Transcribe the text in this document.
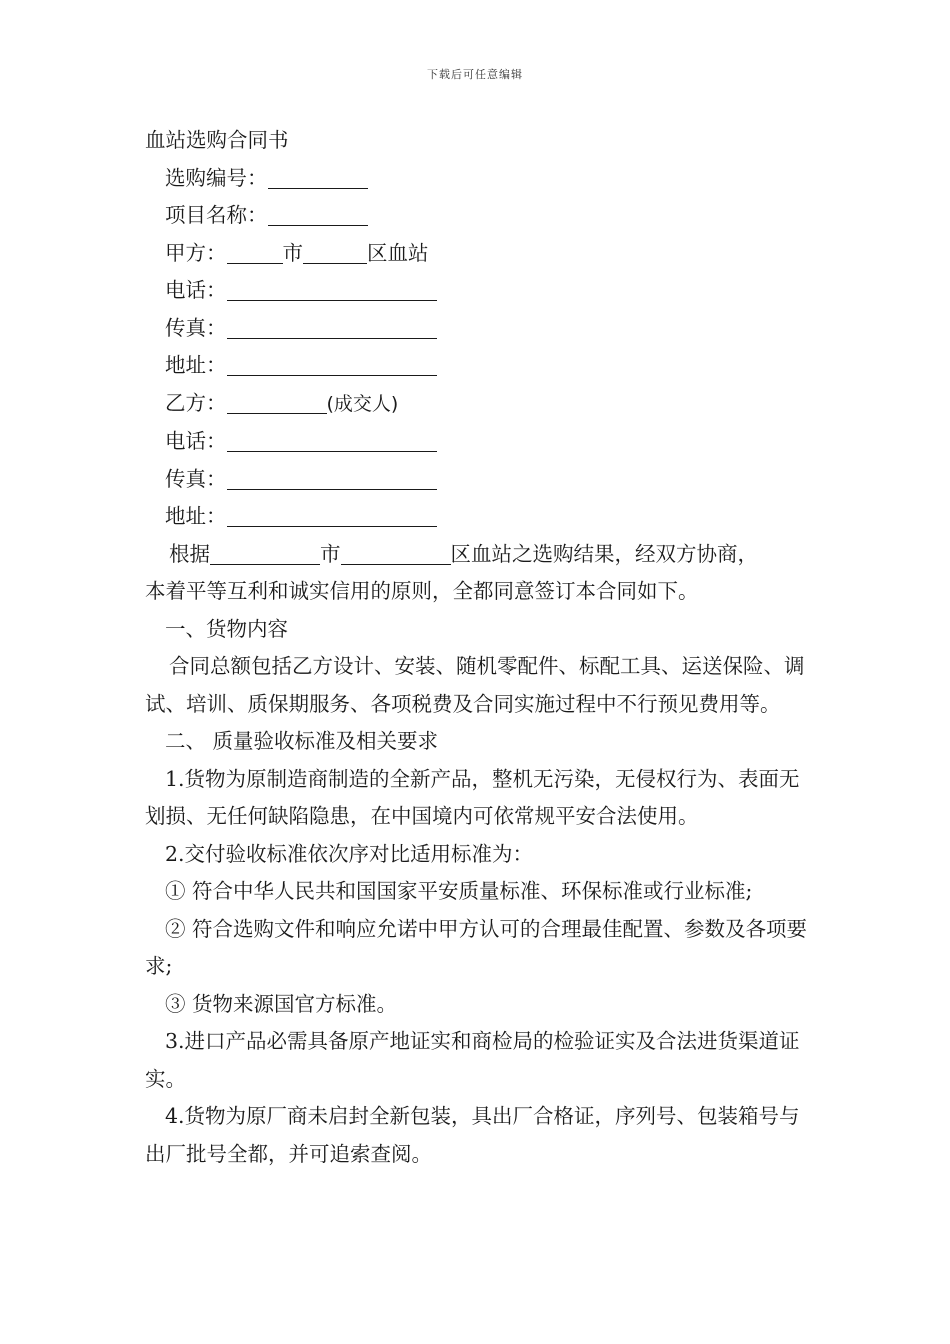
下载后可任意编辑
血站选购合同书
选购编号：
项目名称：
甲方：	市	区血站
电话：
传真：
地址：
乙方：	(成交人)
电话：
传真：
地址：
根据	市	区血站之选购结果，经双方协商，
本着平等互利和诚实信用的原则，全都同意签订本合同如下。
一、货物内容
合同总额包括乙方设计、安装、随机零配件、标配工具、运送保险、调试、培训、质保期服务、各项税费及合同实施过程中不行预见费用等。
二、 质量验收标准及相关要求
1.货物为原制造商制造的全新产品，整机无污染，无侵权行为、表面无划损、无任何缺陷隐患，在中国境内可依常规平安合法使用。
2.交付验收标准依次序对比适用标准为：
① 符合中华人民共和国国家平安质量标准、环保标准或行业标准;
② 符合选购文件和响应允诺中甲方认可的合理最佳配置、参数及各项要求;
③ 货物来源国官方标准。
3.进口产品必需具备原产地证实和商检局的检验证实及合法进货渠道证实。
4.货物为原厂商未启封全新包装，具出厂合格证，序列号、包装箱号与出厂批号全都，并可追索查阅。
